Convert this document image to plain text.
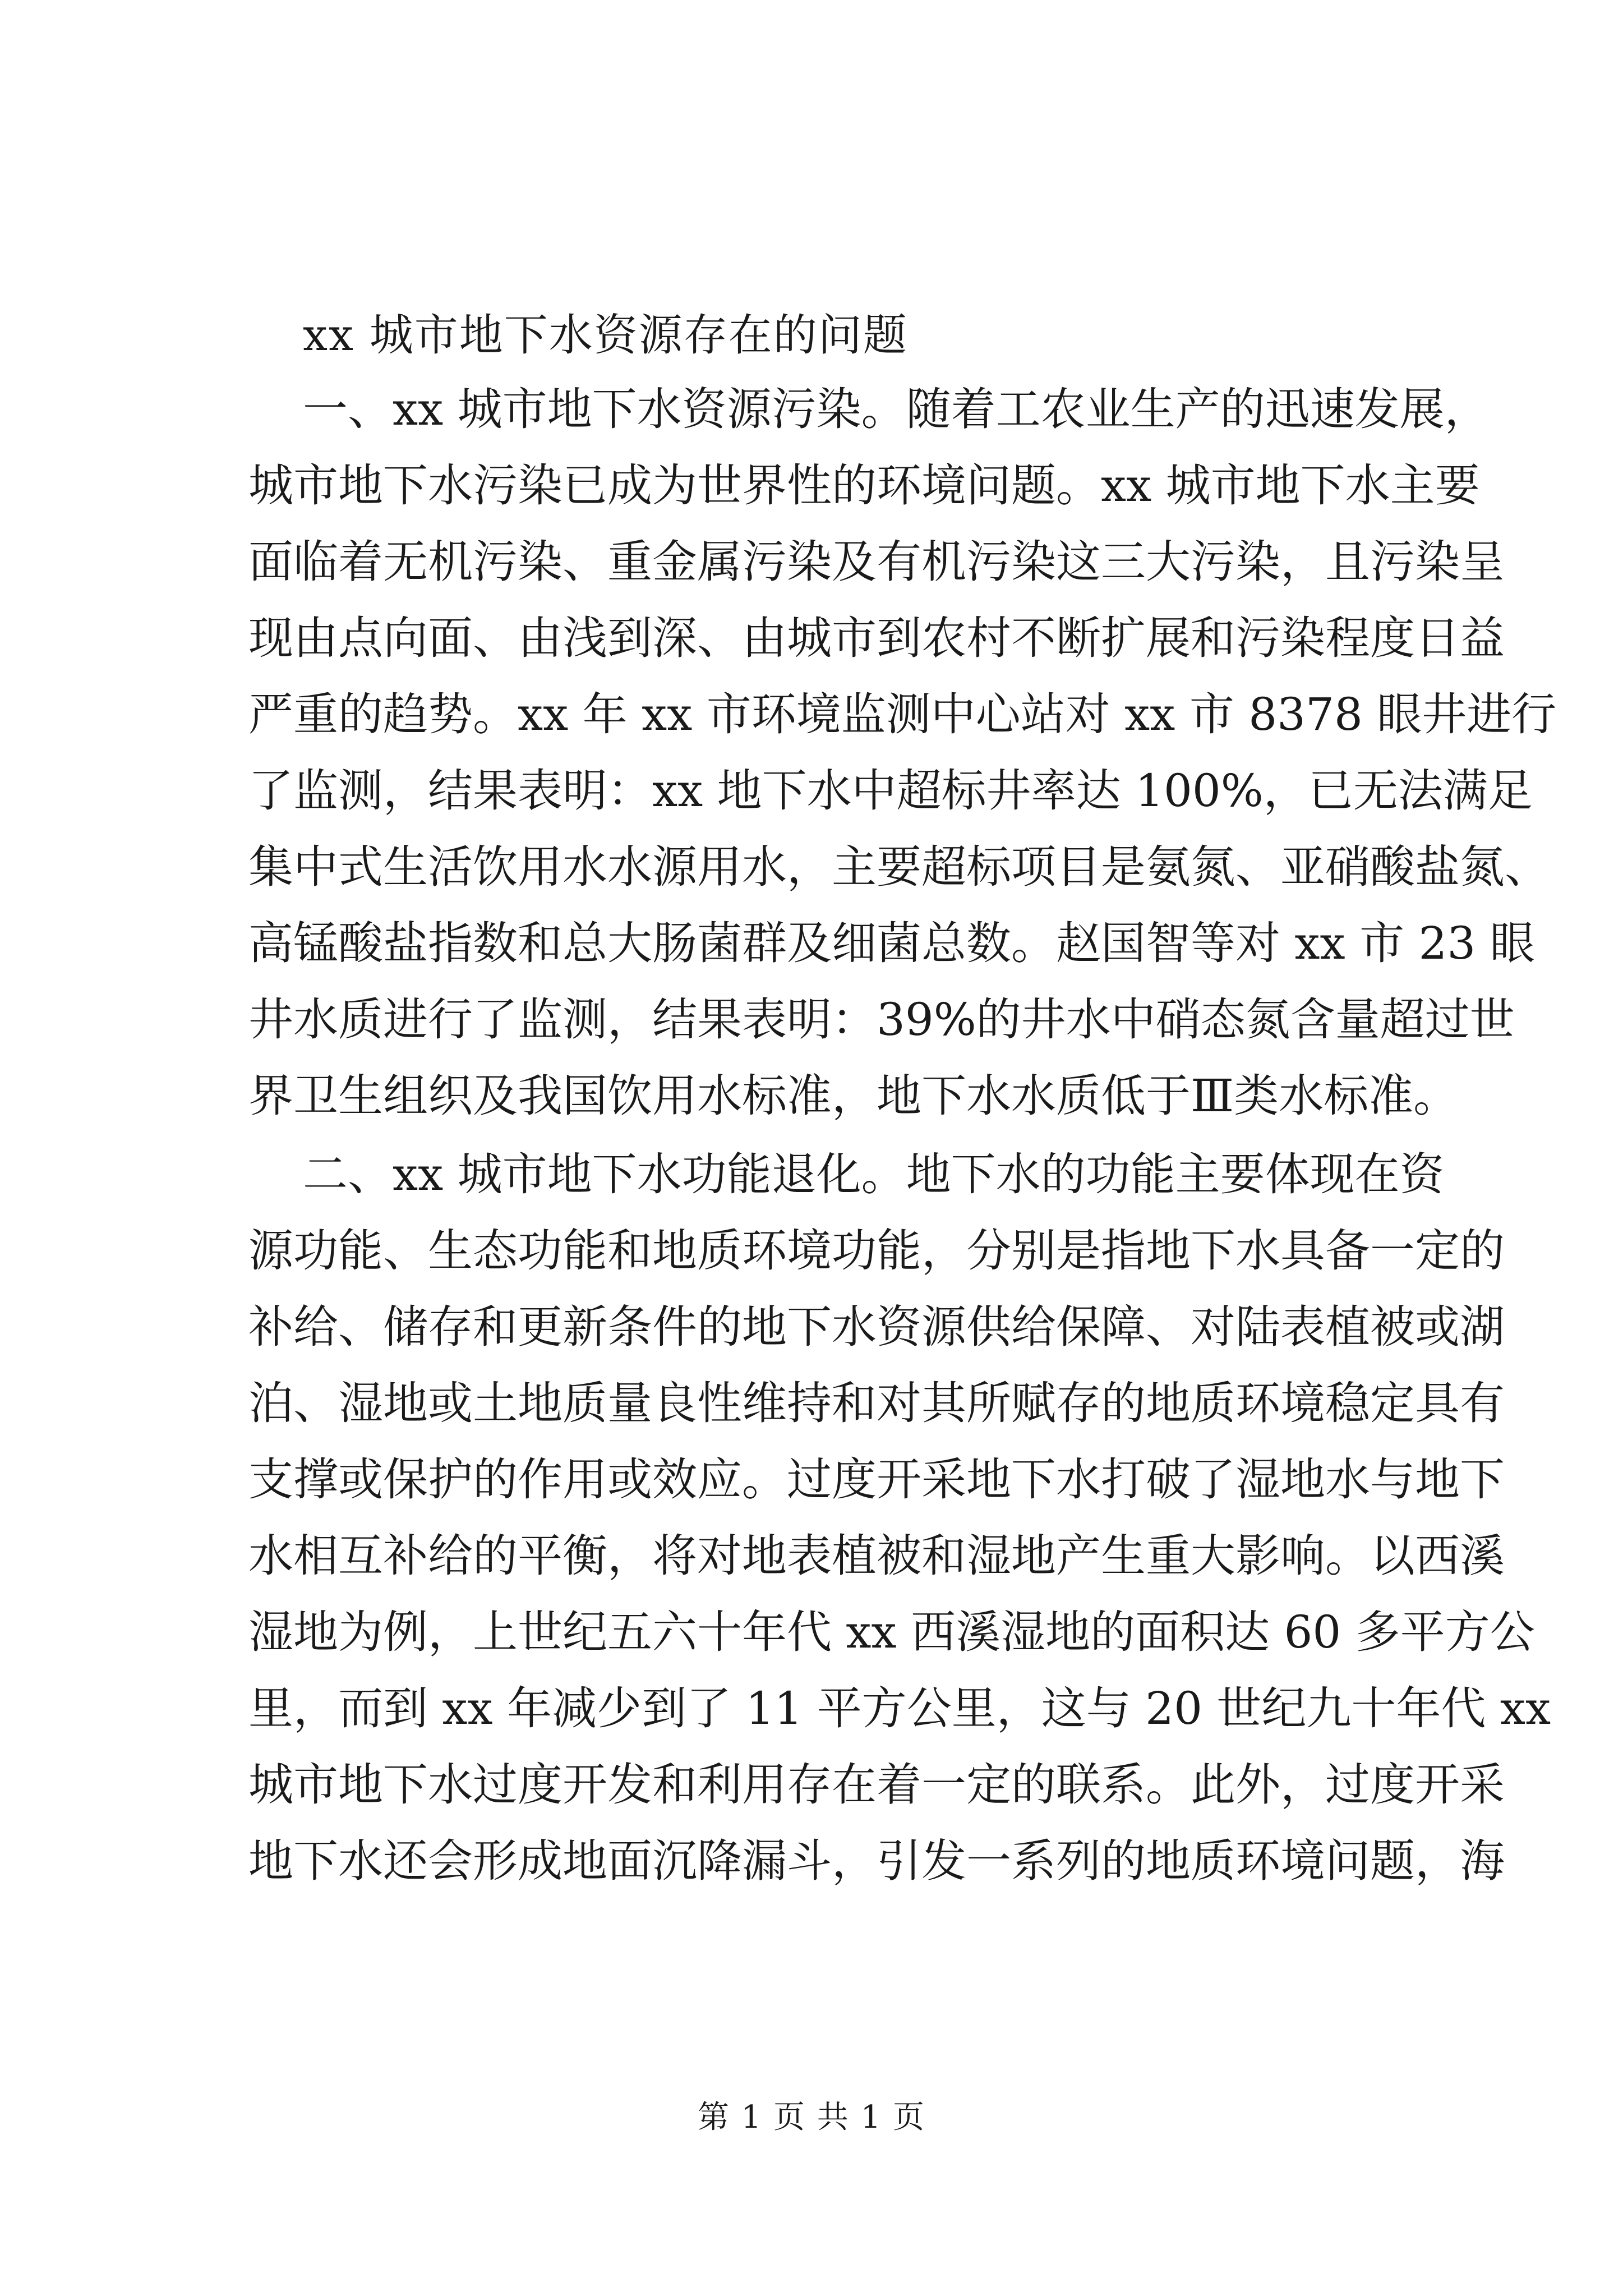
xx 城市地下水资源存在的问题
一、xx 城市地下水资源污染。随着工农业生产的迅速发展，
城市地下水污染已成为世界性的环境问题。xx 城市地下水主要
面临着无机污染、重金属污染及有机污染这三大污染，且污染呈
现由点向面、由浅到深、由城市到农村不断扩展和污染程度日益
严重的趋势。xx 年 xx 市环境监测中心站对 xx 市 8378 眼井进行
了监测，结果表明：xx 地下水中超标井率达 100%，已无法满足
集中式生活饮用水水源用水，主要超标项目是氨氮、亚硝酸盐氮、
高锰酸盐指数和总大肠菌群及细菌总数。赵国智等对 xx 市 23 眼
井水质进行了监测，结果表明：39%的井水中硝态氮含量超过世
界卫生组织及我国饮用水标准，地下水水质低于Ⅲ类水标准。
二、xx 城市地下水功能退化。地下水的功能主要体现在资
源功能、生态功能和地质环境功能，分别是指地下水具备一定的
补给、储存和更新条件的地下水资源供给保障、对陆表植被或湖
泊、湿地或土地质量良性维持和对其所赋存的地质环境稳定具有
支撑或保护的作用或效应。过度开采地下水打破了湿地水与地下
水相互补给的平衡，将对地表植被和湿地产生重大影响。以西溪
湿地为例，上世纪五六十年代 xx 西溪湿地的面积达 60 多平方公
里，而到 xx 年减少到了 11 平方公里，这与 20 世纪九十年代 xx
城市地下水过度开发和利用存在着一定的联系。此外，过度开采
地下水还会形成地面沉降漏斗，引发一系列的地质环境问题，海
第 1 页 共 1 页
